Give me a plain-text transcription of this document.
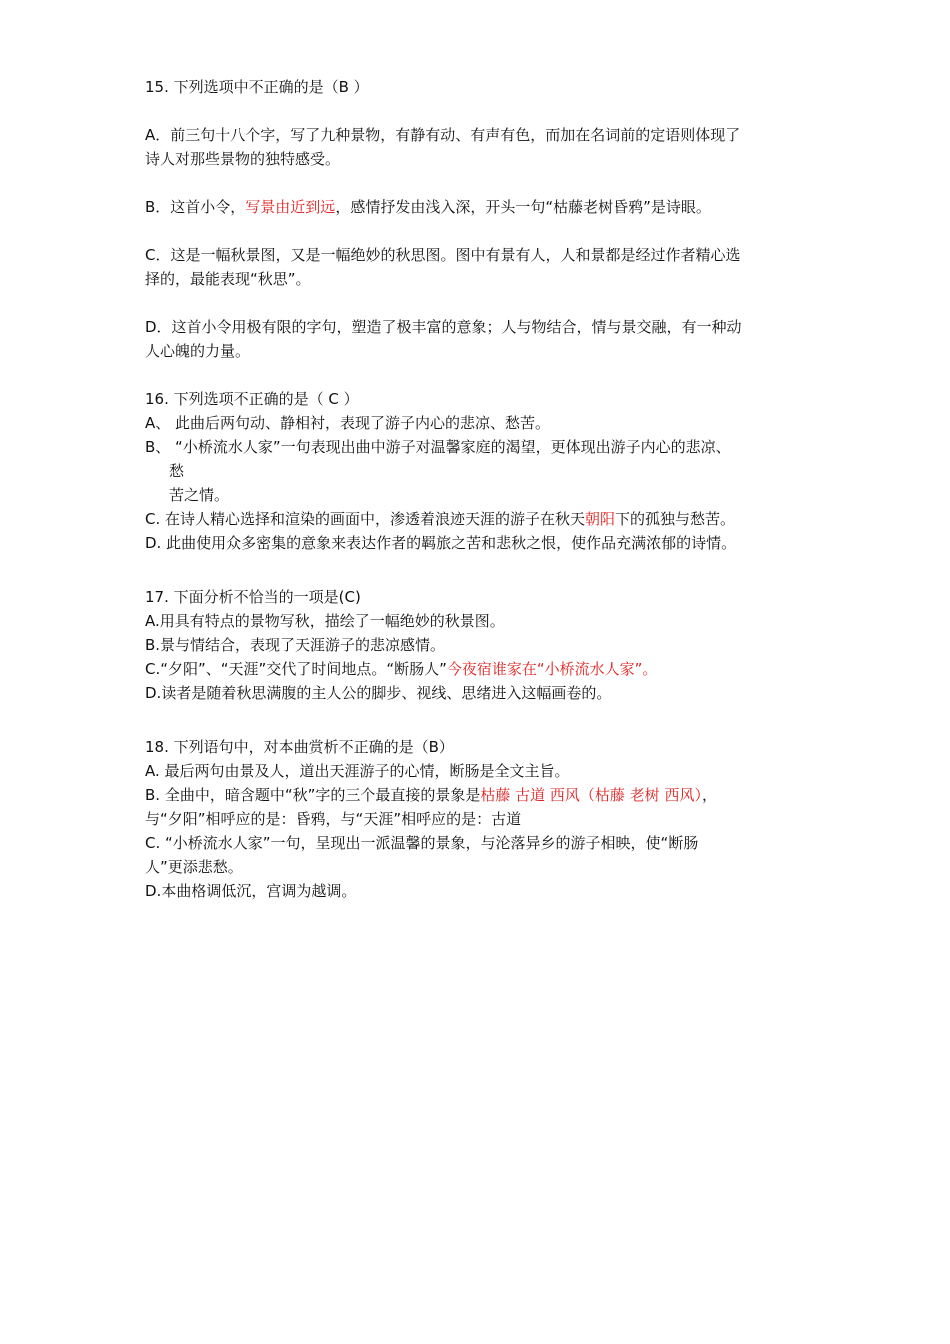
15. 下列选项中不正确的是（B ）
A．前三句十八个字，写了九种景物，有静有动、有声有色，而加在名词前的定语则体现了
诗人对那些景物的独特感受。
B．这首小令，写景由近到远，感情抒发由浅入深，开头一句“枯藤老树昏鸦”是诗眼。
C．这是一幅秋景图，又是一幅绝妙的秋思图。图中有景有人，人和景都是经过作者精心选
择的，最能表现“秋思”。
D．这首小令用极有限的字句，塑造了极丰富的意象；人与物结合，情与景交融，有一种动
人心魄的力量。
16. 下列选项不正确的是（ C ）
A、 此曲后两句动、静相衬，表现了游子内心的悲凉、愁苦。
B、 “小桥流水人家”一句表现出曲中游子对温馨家庭的渴望，更体现出游子内心的悲凉、
愁
苦之情。
C. 在诗人精心选择和渲染的画面中，渗透着浪迹天涯的游子在秋天朝阳下的孤独与愁苦。
D. 此曲使用众多密集的意象来表达作者的羁旅之苦和悲秋之恨，使作品充满浓郁的诗情。
17. 下面分析不恰当的一项是(C)
A.用具有特点的景物写秋，描绘了一幅绝妙的秋景图。
B.景与情结合，表现了天涯游子的悲凉感情。
C.“夕阳”、“天涯”交代了时间地点。“断肠人”今夜宿谁家在“小桥流水人家”。
D.读者是随着秋思满腹的主人公的脚步、视线、思绪进入这幅画卷的。
18. 下列语句中，对本曲赏析不正确的是（B）
A. 最后两句由景及人，道出天涯游子的心情，断肠是全文主旨。
B. 全曲中，暗含题中“秋”字的三个最直接的景象是枯藤 古道 西风（枯藤 老树 西风），
与“夕阳”相呼应的是：昏鸦，与“天涯”相呼应的是：古道
C. “小桥流水人家”一句，呈现出一派温馨的景象，与沦落异乡的游子相映，使“断肠
人”更添悲愁。
D.本曲格调低沉，宫调为越调。
